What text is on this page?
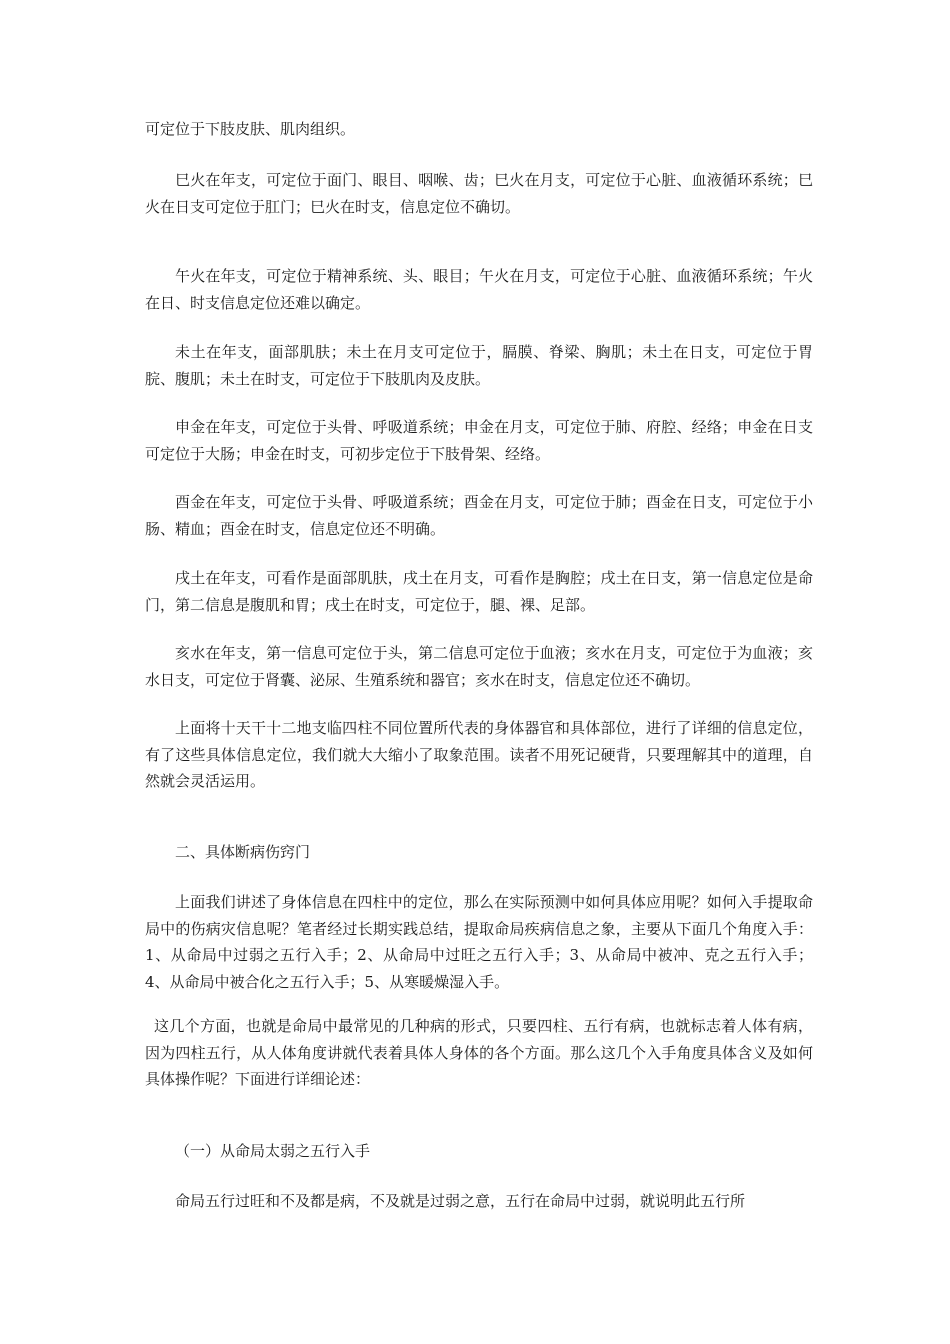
可定位于下肢皮肤、肌肉组织。

巳火在年支，可定位于面门、眼目、咽喉、齿；巳火在月支，可定位于心脏、血液循环系统；巳火在日支可定位于肛门；巳火在时支，信息定位不确切。

午火在年支，可定位于精神系统、头、眼目；午火在月支，可定位于心脏、血液循环系统；午火在日、时支信息定位还难以确定。

未土在年支，面部肌肤；未土在月支可定位于，膈膜、脊梁、胸肌；未土在日支，可定位于胃脘、腹肌；未土在时支，可定位于下肢肌肉及皮肤。

申金在年支，可定位于头骨、呼吸道系统；申金在月支，可定位于肺、府腔、经络；申金在日支可定位于大肠；申金在时支，可初步定位于下肢骨架、经络。

酉金在年支，可定位于头骨、呼吸道系统；酉金在月支，可定位于肺；酉金在日支，可定位于小肠、精血；酉金在时支，信息定位还不明确。

戌土在年支，可看作是面部肌肤，戌土在月支，可看作是胸腔；戌土在日支，第一信息定位是命门，第二信息是腹肌和胃；戌土在时支，可定位于，腿、裸、足部。

亥水在年支，第一信息可定位于头，第二信息可定位于血液；亥水在月支，可定位于为血液；亥水日支，可定位于肾囊、泌尿、生殖系统和器官；亥水在时支，信息定位还不确切。

上面将十天干十二地支临四柱不同位置所代表的身体器官和具体部位，进行了详细的信息定位，有了这些具体信息定位，我们就大大缩小了取象范围。读者不用死记硬背，只要理解其中的道理，自然就会灵活运用。

二、具体断病伤窍门

上面我们讲述了身体信息在四柱中的定位，那么在实际预测中如何具体应用呢？如何入手提取命局中的伤病灾信息呢？笔者经过长期实践总结，提取命局疾病信息之象，主要从下面几个角度入手：1、从命局中过弱之五行入手；2、从命局中过旺之五行入手；3、从命局中被冲、克之五行入手；4、从命局中被合化之五行入手；5、从寒暖燥湿入手。

这几个方面，也就是命局中最常见的几种病的形式，只要四柱、五行有病，也就标志着人体有病，因为四柱五行，从人体角度讲就代表着具体人身体的各个方面。那么这几个入手角度具体含义及如何具体操作呢？下面进行详细论述：

（一）从命局太弱之五行入手

命局五行过旺和不及都是病，不及就是过弱之意，五行在命局中过弱，就说明此五行所
